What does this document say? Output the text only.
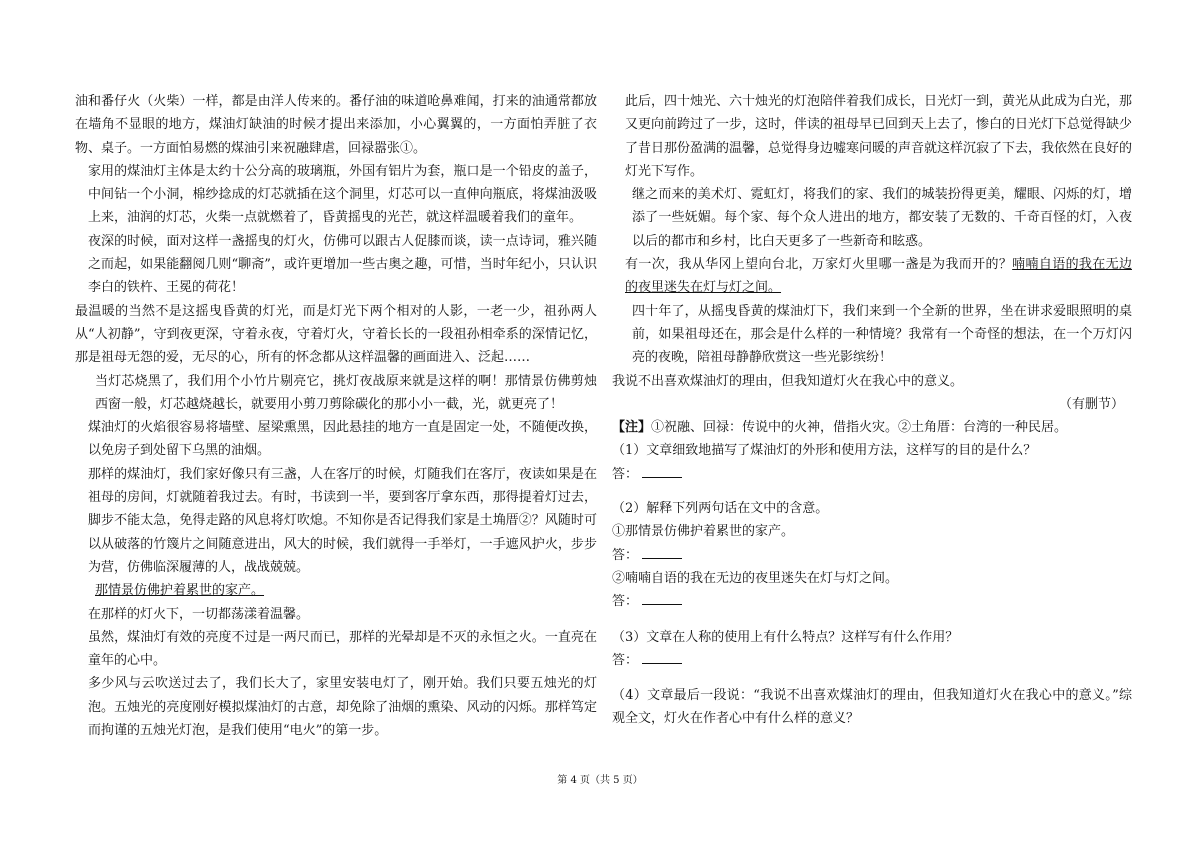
油和番仔火（火柴）一样，都是由洋人传来的。番仔油的味道呛鼻难闻，打来的油通常都放在墙角不显眼的地方，煤油灯缺油的时候才提出来添加，小心翼翼的，一方面怕弄脏了衣物、桌子。一方面怕易燃的煤油引来祝融肆虐，回禄嚣张①。

家用的煤油灯主体是太约十公分高的玻璃瓶，外国有铝片为套，瓶口是一个铅皮的盖子，中间钻一个小洞，棉纱捻成的灯芯就插在这个洞里，灯芯可以一直伸向瓶底，将煤油汲吸上来，油润的灯芯，火柴一点就燃着了，昏黄摇曳的光芒，就这样温暖着我们的童年。

夜深的时候，面对这样一盏摇曳的灯火，仿佛可以跟古人促膝而谈，读一点诗词，雅兴随之而起，如果能翻阅几则“聊斋”，或许更增加一些古奥之趣，可惜，当时年纪小，只认识李白的铁杵、王冕的荷花！

最温暖的当然不是这摇曳昏黄的灯光，而是灯光下两个相对的人影，一老一少，祖孙两人从“人初静”，守到夜更深，守着永夜，守着灯火，守着长长的一段祖孙相牵系的深情记忆，那是祖母无怨的爱，无尽的心，所有的怀念都从这样温馨的画面进入、泛起……

当灯芯烧黑了，我们用个小竹片剔亮它，挑灯夜战原来就是这样的啊！那情景仿佛剪烛西窗一般，灯芯越烧越长，就要用小剪刀剪除碳化的那小小一截，光，就更亮了！

煤油灯的火焰很容易将墙壁、屋梁熏黑，因此悬挂的地方一直是固定一处，不随便改换，以免房子到处留下乌黑的油烟。

那样的煤油灯，我们家好像只有三盏，人在客厅的时候，灯随我们在客厅，夜读如果是在祖母的房间，灯就随着我过去。有时，书读到一半，要到客厅拿东西，那得提着灯过去，脚步不能太急，免得走路的风息将灯吹熄。不知你是否记得我们家是土埆厝②？风随时可以从破落的竹篾片之间随意进出，风大的时候，我们就得一手举灯，一手遮风护火，步步为营，仿佛临深履薄的人，战战兢兢。

那情景仿佛护着累世的家产。

在那样的灯火下，一切都荡漾着温馨。

虽然，煤油灯有效的亮度不过是一两尺而已，那样的光晕却是不灭的永恒之火。一直亮在童年的心中。

多少风与云吹送过去了，我们长大了，家里安装电灯了，刚开始。我们只要五烛光的灯泡。五烛光的亮度刚好模拟煤油灯的古意，却免除了油烟的熏染、风动的闪烁。那样笃定而拘谨的五烛光灯泡，是我们使用“电火”的第一步。

此后，四十烛光、六十烛光的灯泡陪伴着我们成长，日光灯一到，黄光从此成为白光，那又更向前跨过了一步，这时，伴读的祖母早已回到天上去了，惨白的日光灯下总觉得缺少了昔日那份盈满的温馨，总觉得身边嘘寒问暖的声音就这样沉寂了下去，我依然在良好的灯光下写作。

继之而来的美术灯、霓虹灯，将我们的家、我们的城装扮得更美，耀眼、闪烁的灯，增添了一些妩媚。每个家、每个众人进出的地方，都安装了无数的、千奇百怪的灯，入夜以后的都市和乡村，比白天更多了一些新奇和眩惑。

有一次，我从华冈上望向台北，万家灯火里哪一盏是为我而开的？喃喃自语的我在无边的夜里迷失在灯与灯之间。

四十年了，从摇曳昏黄的煤油灯下，我们来到一个全新的世界，坐在讲求爱眼照明的桌前，如果祖母还在，那会是什么样的一种情境？我常有一个奇怪的想法，在一个万灯闪亮的夜晚，陪祖母静静欣赏这一些光影缤纷！

我说不出喜欢煤油灯的理由，但我知道灯火在我心中的意义。

（有删节）

【注】①祝融、回禄：传说中的火神，借指火灾。②土角厝：台湾的一种民居。

（1）文章细致地描写了煤油灯的外形和使用方法，这样写的目的是什么？

答：

（2）解释下列两句话在文中的含意。

①那情景仿佛护着累世的家产。

答：

②喃喃自语的我在无边的夜里迷失在灯与灯之间。

答：

（3）文章在人称的使用上有什么特点？这样写有什么作用？

答：

（4）文章最后一段说：“我说不出喜欢煤油灯的理由，但我知道灯火在我心中的意义。”综观全文，灯火在作者心中有什么样的意义？

第 4 页（共 5 页）
